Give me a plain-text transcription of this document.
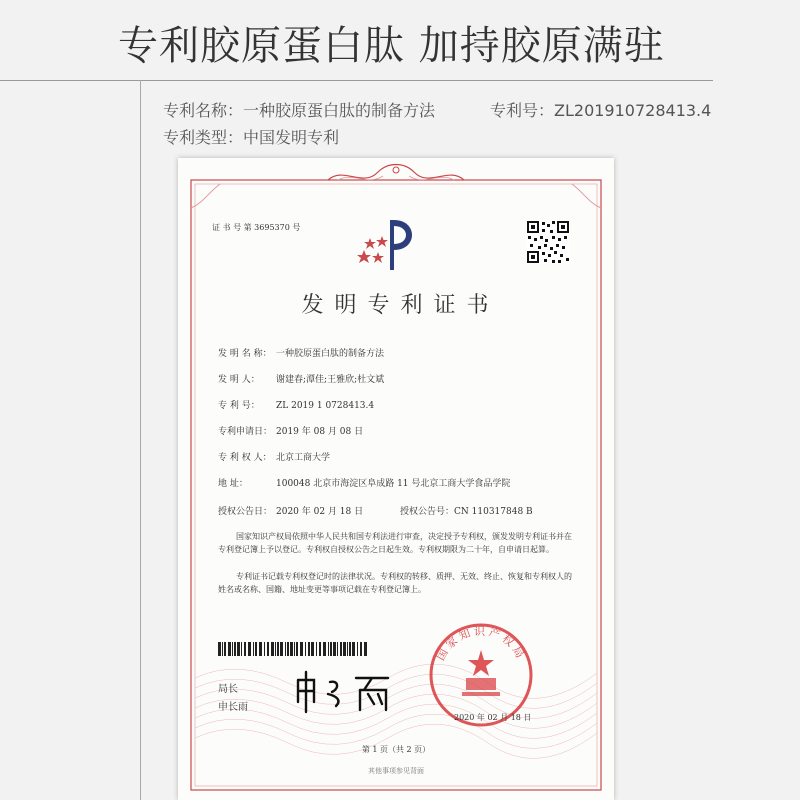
专利胶原蛋白肽 加持胶原满驻
专利名称：一种胶原蛋白肽的制备方法	专利号：ZL201910728413.4
专利类型：中国发明专利
证 书 号 第 3695370 号
发 明 专 利 证 书
发 明 名 称： 一种胶原蛋白肽的制备方法
发 明 人： 谢建春;潭佳;王雅欣;杜文斌
专 利 号： ZL 2019 1 0728413.4
专利申请日： 2019 年 08 月 08 日
专 利 权 人： 北京工商大学
地 址：	100048 北京市海淀区阜成路 11 号北京工商大学食品学院
授权公告日： 2020 年 02 月 18 日	授权公告号：CN 110317848 B
国家知识产权局依照中华人民共和国专利法进行审查，决定授予专利权，颁发发明专利证书并在专利登记簿上予以登记。专利权自授权公告之日起生效。专利权期限为二十年，自申请日起算。
专利证书记载专利权登记时的法律状况。专利权的转移、质押、无效、终止、恢复和专利权人的姓名或名称、国籍、地址变更等事项记载在专利登记簿上。
局长
申长雨
国家知识产权局
2020 年 02 月 18 日
第 1 页（共 2 页）
其他事项参见背面
